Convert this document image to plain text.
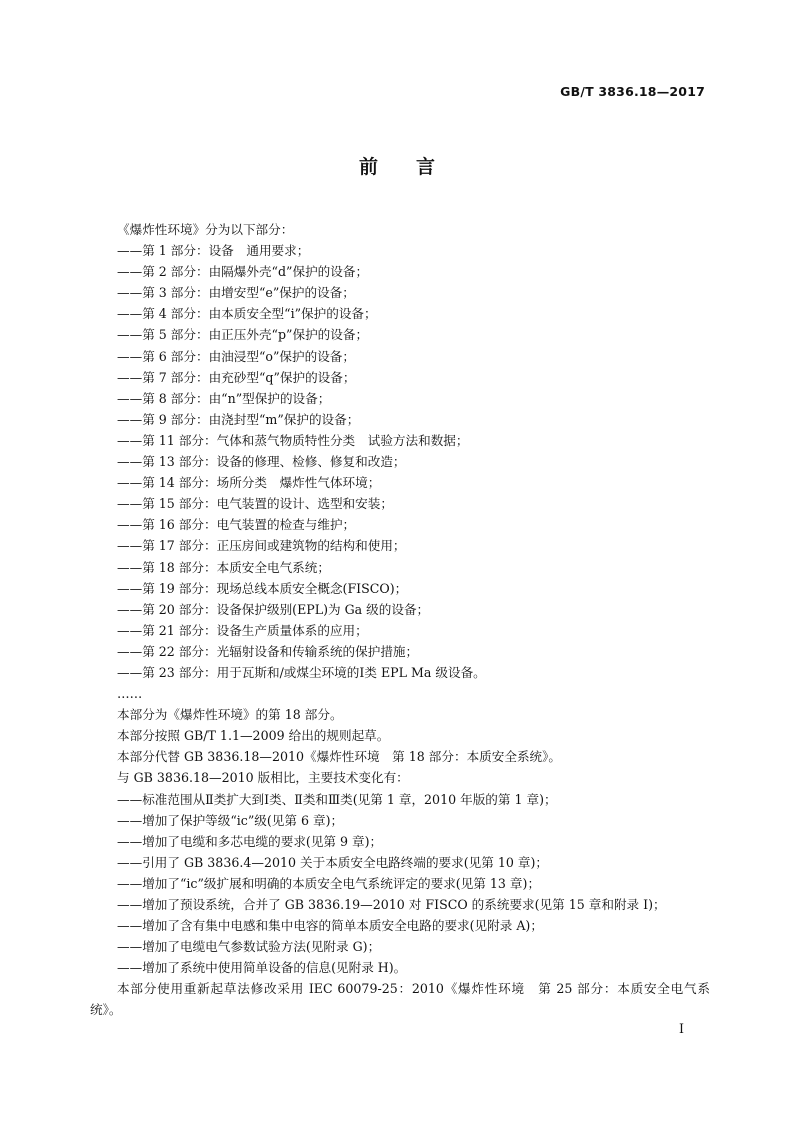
GB/T 3836.18—2017
前言
《爆炸性环境》分为以下部分：
——第 1 部分：设备　通用要求；
——第 2 部分：由隔爆外壳“d”保护的设备；
——第 3 部分：由增安型“e”保护的设备；
——第 4 部分：由本质安全型“i”保护的设备；
——第 5 部分：由正压外壳“p”保护的设备；
——第 6 部分：由油浸型“o”保护的设备；
——第 7 部分：由充砂型“q”保护的设备；
——第 8 部分：由“n”型保护的设备；
——第 9 部分：由浇封型“m”保护的设备；
——第 11 部分：气体和蒸气物质特性分类　试验方法和数据；
——第 13 部分：设备的修理、检修、修复和改造；
——第 14 部分：场所分类　爆炸性气体环境；
——第 15 部分：电气装置的设计、选型和安装；
——第 16 部分：电气装置的检查与维护；
——第 17 部分：正压房间或建筑物的结构和使用；
——第 18 部分：本质安全电气系统；
——第 19 部分：现场总线本质安全概念(FISCO)；
——第 20 部分：设备保护级别(EPL)为 Ga 级的设备；
——第 21 部分：设备生产质量体系的应用；
——第 22 部分：光辐射设备和传输系统的保护措施；
——第 23 部分：用于瓦斯和/或煤尘环境的Ⅰ类 EPL Ma 级设备。
……
本部分为《爆炸性环境》的第 18 部分。
本部分按照 GB/T 1.1—2009 给出的规则起草。
本部分代替 GB 3836.18—2010《爆炸性环境　第 18 部分：本质安全系统》。
与 GB 3836.18—2010 版相比，主要技术变化有：
——标准范围从Ⅱ类扩大到Ⅰ类、Ⅱ类和Ⅲ类(见第 1 章，2010 年版的第 1 章)；
——增加了保护等级“ic”级(见第 6 章)；
——增加了电缆和多芯电缆的要求(见第 9 章)；
——引用了 GB 3836.4—2010 关于本质安全电路终端的要求(见第 10 章)；
——增加了“ic”级扩展和明确的本质安全电气系统评定的要求(见第 13 章)；
——增加了预设系统，合并了 GB 3836.19—2010 对 FISCO 的系统要求(见第 15 章和附录 I)；
——增加了含有集中电感和集中电容的简单本质安全电路的要求(见附录 A)；
——增加了电缆电气参数试验方法(见附录 G)；
——增加了系统中使用简单设备的信息(见附录 H)。
本部分使用重新起草法修改采用 IEC 60079-25：2010《爆炸性环境　第 25 部分：本质安全电气系
统》。
I
